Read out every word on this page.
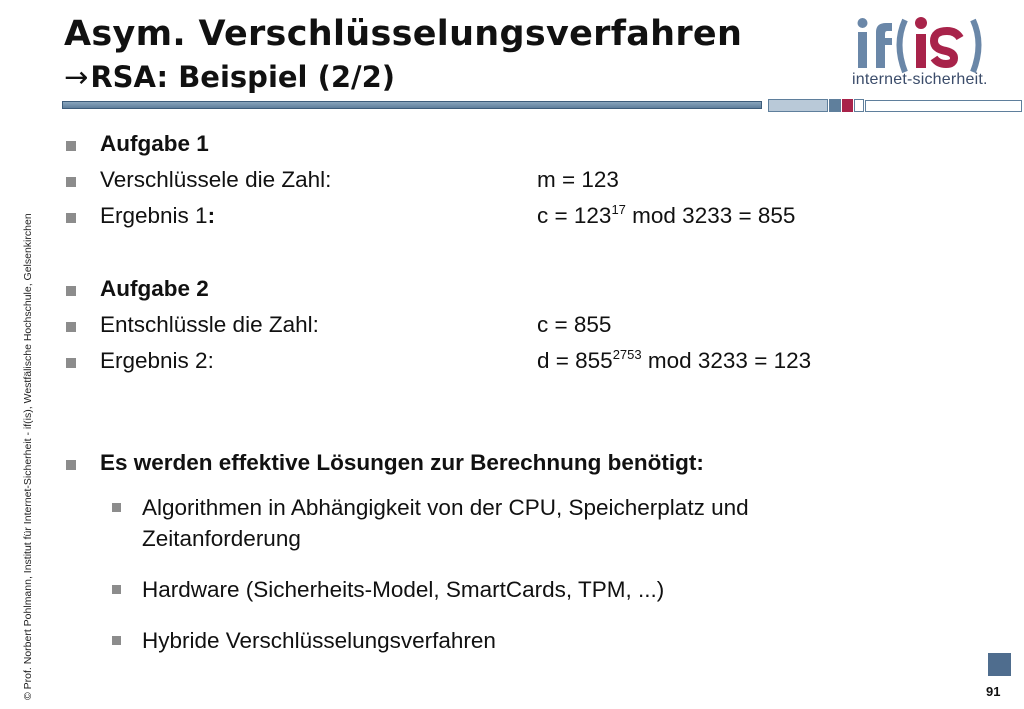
Asym. Verschlüsselungsverfahren
→RSA: Beispiel (2/2)	internet-sicherheit.
© Prof. Norbert Pohlmann, Institut für Internet-Sicherheit - if(is), Westfälische Hochschule, Gelsenkirchen
Aufgabe 1
Verschlüssele die Zahl:	m = 123
Ergebnis 1:	$c = 123^{17}$ mod 3233 = 855
Aufgabe 2
Entschlüssle die Zahl:	c = 855
Ergebnis 2:	$d = 855^{2753}$ mod 3233 = 123
Es werden effektive Lösungen zur Berechnung benötigt:
Algorithmen in Abhängigkeit von der CPU, Speicherplatz und Zeitanforderung
Hardware (Sicherheits-Model, SmartCards, TPM, ...)
Hybride Verschlüsselungsverfahren
91
